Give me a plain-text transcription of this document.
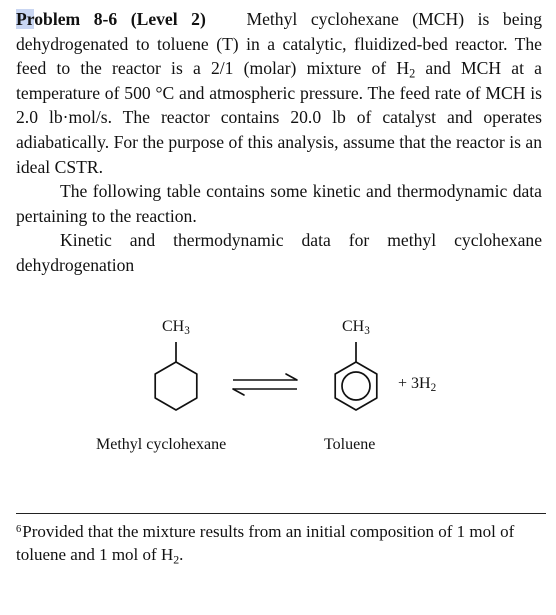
Problem 8-6 (Level 2) Methyl cyclohexane (MCH) is being dehydrogenated to toluene (T) in a catalytic, fluidized-bed reactor. The feed to the reactor is a 2/1 (molar) mixture of $H_2$ and MCH at a temperature of 500 °C and atmospheric pressure. The feed rate of MCH is 2.0 lb·mol/s. The reactor contains 20.0 lb of catalyst and operates adiabatically. For the purpose of this analysis, assume that the reactor is an ideal CSTR.

The following table contains some kinetic and thermodynamic data pertaining to the reaction.

Kinetic and thermodynamic data for methyl cyclohexane dehydrogenation

$CH_3$	$CH_3$
+ $3H_2$
Methyl cyclohexane	Toluene
$^6$Provided that the mixture results from an initial composition of 1 mol of toluene and 1 mol of $H_2$.
